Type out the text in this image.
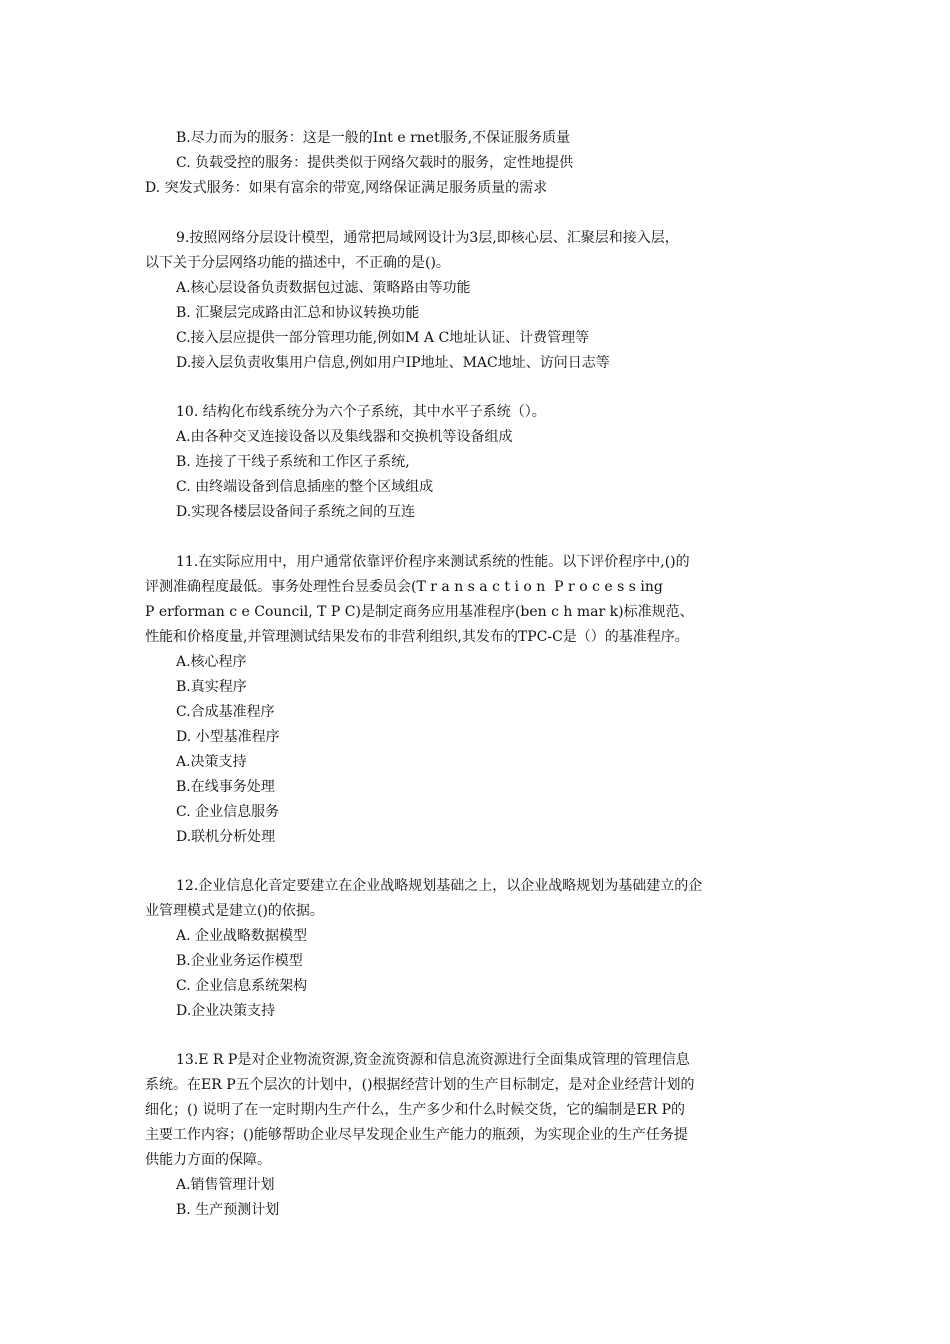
B.尽力而为的服务：这是一般的Int e rnet服务,不保证服务质量
C. 负载受控的服务：提供类似于网络欠载时的服务，定性地提供
D. 突发式服务：如果有富余的带宽,网络保证满足服务质量的需求
9.按照网络分层设计模型，通常把局域网设计为3层,即核心层、汇聚层和接入层，
以下关于分层网络功能的描述中，不正确的是()。
A.核心层设备负责数据包过滤、策略路由等功能
B. 汇聚层完成路由汇总和协议转换功能
C.接入层应提供一部分管理功能,例如M A C地址认证、计费管理等
D.接入层负责收集用户信息,例如用户IP地址、MAC地址、访问日志等
10. 结构化布线系统分为六个子系统，其中水平子系统（）。
A.由各种交叉连接设备以及集线器和交换机等设备组成
B. 连接了干线子系统和工作区子系统,
C. 由终端设备到信息插座的整个区域组成
D.实现各楼层设备间子系统之间的互连
11.在实际应用中，用户通常依靠评价程序来测试系统的性能。以下评价程序中,()的
评测准确程度最低。事务处理性台昱委员会(T r a n s a c t i o n  P r o c e s s ing
P erforman c e Council, T P C)是制定商务应用基准程序(ben c h mar k)标准规范、
性能和价格度量,并管理测试结果发布的非营利组织,其发布的TPC-C是（）的基准程序。
A.核心程序
B.真实程序
C.合成基准程序
D. 小型基准程序
A.决策支持
B.在线事务处理
C. 企业信息服务
D.联机分析处理
12.企业信息化音定要建立在企业战略规划基础之上，以企业战略规划为基础建立的企
业管理模式是建立()的依据。
A. 企业战略数据模型
B.企业业务运作模型
C. 企业信息系统架构
D.企业决策支持
13.E R P是对企业物流资源,资金流资源和信息流资源进行全面集成管理的管理信息
系统。在ER P五个层次的计划中，()根据经营计划的生产目标制定，是对企业经营计划的
细化；() 说明了在一定时期内生产什么，生产多少和什么时候交货，它的编制是ER P的
主要工作内容；()能够帮助企业尽早发现企业生产能力的瓶颈，为实现企业的生产任务提
供能力方面的保障。
A.销售管理计划
B. 生产预测计划
